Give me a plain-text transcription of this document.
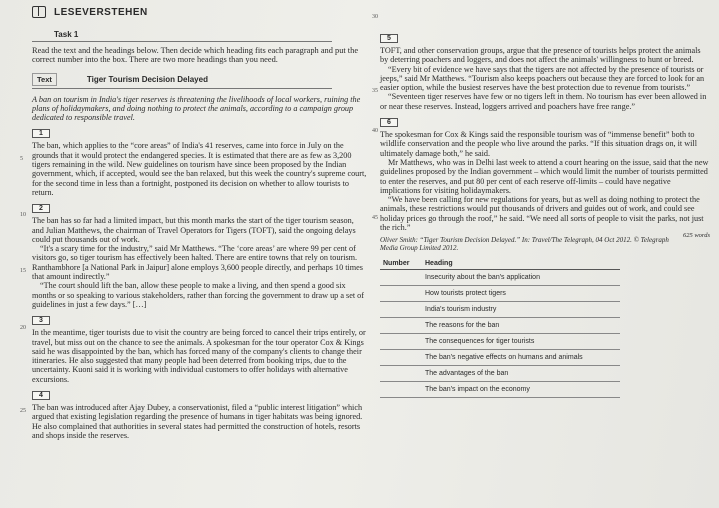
LESEVERSTEHEN
Task 1

Read the text and the headings below. Then decide which heading fits each paragraph and put the correct number into the box. There are two more headings than you need.

Text	Tiger Tourism Decision Delayed

A ban on tourism in India's tiger reserves is threatening the livelihoods of local workers, ruining the plans of holidaymakers, and doing nothing to protect the animals, according to a campaign group dedicated to responsible travel.

1

The ban, which applies to the “core areas” of India's 41 reserves, came into force in July on the grounds that it would protect the endangered species. It is estimated that there are as few as 3,200 tigers remaining in the wild. New guidelines on tourism have since been proposed by the Indian government, which, if accepted, would see the ban relaxed, but this week the country's supreme court, for the second time in less than a fortnight, postponed its decision on whether to allow tourists to return.

2

The ban has so far had a limited impact, but this month marks the start of the tiger tourism season, and Julian Matthews, the chairman of Travel Operators for Tigers (TOFT), said the ongoing delays could put thousands out of work.

“It's a scary time for the industry,” said Mr Matthews. “The ‘core areas’ are where 99 per cent of visitors go, so tiger tourism has effectively been halted. There are entire towns that rely on tourism. Ranthambhore [a National Park in Jaipur] alone employs 3,600 people directly, and perhaps 10 times that amount indirectly.”

“The court should lift the ban, allow these people to make a living, and then spend a good six months or so speaking to various stakeholders, rather than forcing the government to draw up a set of guidelines in just a few days.” […]

3

In the meantime, tiger tourists due to visit the country are being forced to cancel their trips entirely, or travel, but miss out on the chance to see the animals. A spokesman for the tour operator Cox & Kings said he was disappointed by the ban, which has forced many of the company's clients to change their itineraries. He also suggested that many people had been deterred from booking trips, due to the uncertainty. Kuoni said it is working with individual customers to offer holidays with alternative excursions.

4

The ban was introduced after Ajay Dubey, a conservationist, filed a “public interest litigation” which argued that existing legislation regarding the presence of humans in tiger habitats was being ignored. He also complained that authorities in several states had permitted the construction of hotels, resorts and shops inside the reserves.

5
10
15
20
25
5

TOFT, and other conservation groups, argue that the presence of tourists helps protect the animals by deterring poachers and loggers, and does not affect the animals' willingness to hunt or breed.

“Every bit of evidence we have says that the tigers are not affected by the presence of tourists or jeeps,” said Mr Matthews. “Tourism also keeps poachers out because they are forced to look for an easier option, while the busiest reserves have the best protection due to revenue from tourists.”

“Seventeen tiger reserves have few or no tigers left in them. No tourism has ever been allowed in or near these reserves. Instead, loggers arrived and poachers have free range.”

6

The spokesman for Cox & Kings said the responsible tourism was of “immense benefit” both to wildlife conservation and the people who live around the parks. “If this situation drags on, it will ultimately damage both,” he said.

Mr Matthews, who was in Delhi last week to attend a court hearing on the issue, said that the new guidelines proposed by the Indian government – which would limit the number of tourists permitted to enter the reserves, and put 80 per cent of each reserve off-limits – could have negative implications for visiting holidaymakers.

“We have been calling for new regulations for years, but as well as doing nothing to protect the animals, these restrictions would put thousands of drivers and guides out of work, and could see holiday prices go through the roof,” he said. “We need all sorts of people to visit the parks, not just the rich.”

625 words

Oliver Smith: “Tiger Tourism Decision Delayed.” In: Travel/The Telegraph, 04 Oct 2012. © Telegraph Media Group Limited 2012.

Number	Heading
	Insecurity about the ban's application
	How tourists protect tigers
	India's tourism industry
	The reasons for the ban
	The consequences for tiger tourists
	The ban's negative effects on humans and animals
	The advantages of the ban
	The ban's impact on the economy
30
35
40
45
